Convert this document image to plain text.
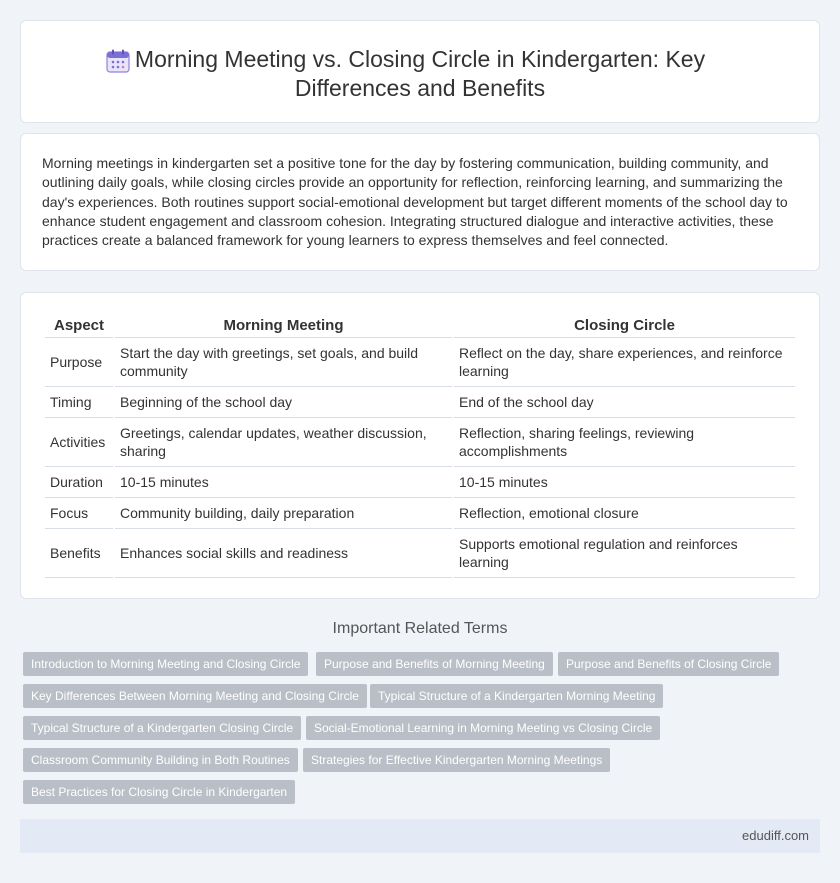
Morning Meeting vs. Closing Circle in Kindergarten: Key Differences and Benefits

Morning meetings in kindergarten set a positive tone for the day by fostering communication, building community, and outlining daily goals, while closing circles provide an opportunity for reflection, reinforcing learning, and summarizing the day's experiences. Both routines support social-emotional development but target different moments of the school day to enhance student engagement and classroom cohesion. Integrating structured dialogue and interactive activities, these practices create a balanced framework for young learners to express themselves and feel connected.

Aspect	Morning Meeting	Closing Circle
Purpose	Start the day with greetings, set goals, and build community	Reflect on the day, share experiences, and reinforce learning
Timing	Beginning of the school day	End of the school day
Activities	Greetings, calendar updates, weather discussion, sharing	Reflection, sharing feelings, reviewing accomplishments
Duration	10-15 minutes	10-15 minutes
Focus	Community building, daily preparation	Reflection, emotional closure
Benefits	Enhances social skills and readiness	Supports emotional regulation and reinforces learning
Important Related Terms
Introduction to Morning Meeting and Closing Circle	Purpose and Benefits of Morning Meeting	Purpose and Benefits of Closing Circle
Key Differences Between Morning Meeting and Closing Circle	Typical Structure of a Kindergarten Morning Meeting
Typical Structure of a Kindergarten Closing Circle	Social-Emotional Learning in Morning Meeting vs Closing Circle
Classroom Community Building in Both Routines	Strategies for Effective Kindergarten Morning Meetings
Best Practices for Closing Circle in Kindergarten
edudiff.com
